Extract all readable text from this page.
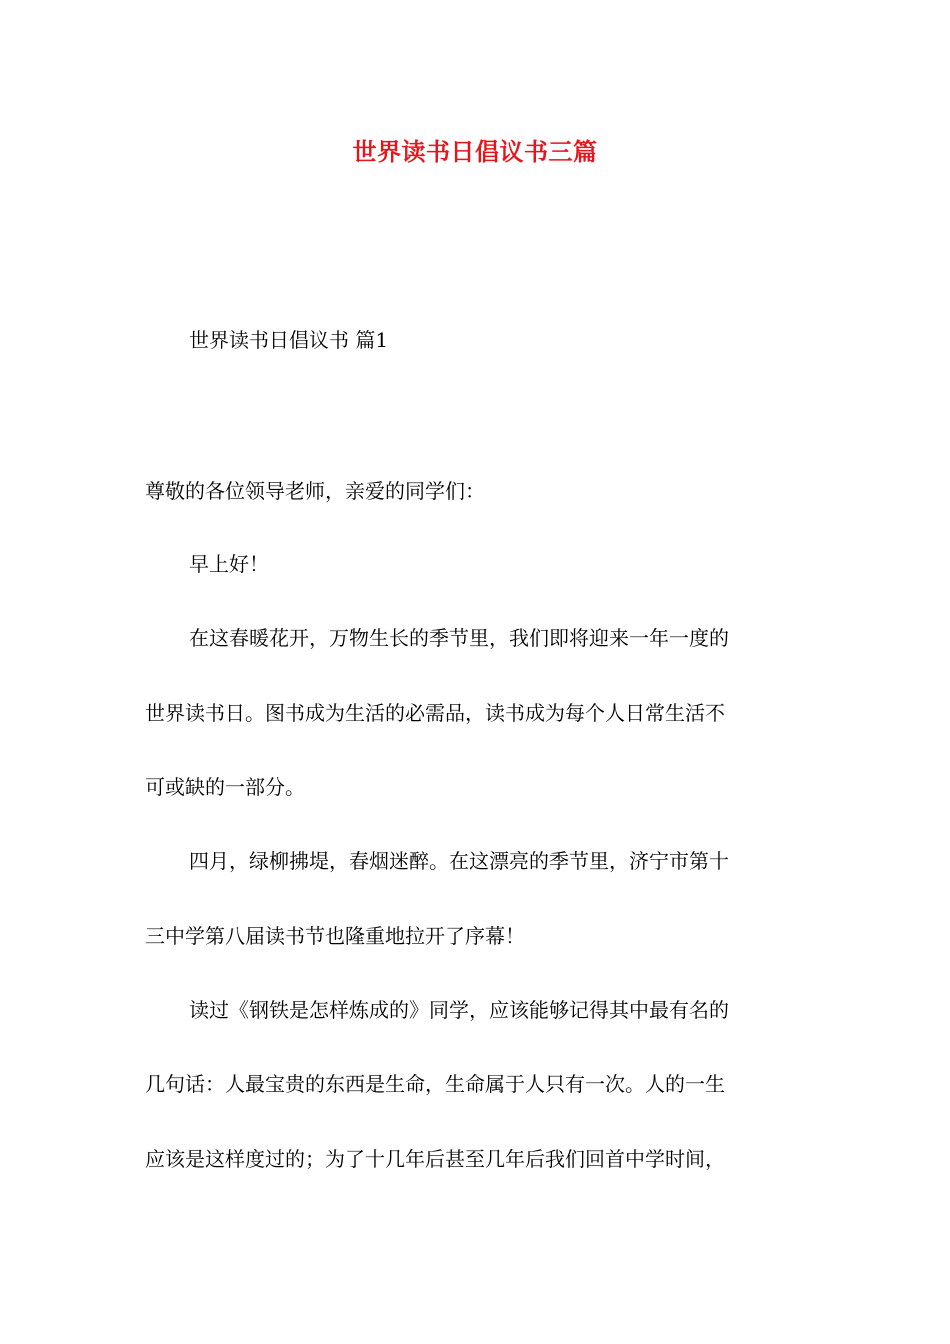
世界读书日倡议书三篇
世界读书日倡议书 篇1
尊敬的各位领导老师，亲爱的同学们：
早上好！
在这春暖花开，万物生长的季节里，我们即将迎来一年一度的
世界读书日。图书成为生活的必需品，读书成为每个人日常生活不
可或缺的一部分。
四月，绿柳拂堤，春烟迷醉。在这漂亮的季节里，济宁市第十
三中学第八届读书节也隆重地拉开了序幕！
读过《钢铁是怎样炼成的》同学，应该能够记得其中最有名的
几句话：人最宝贵的东西是生命，生命属于人只有一次。人的一生
应该是这样度过的；为了十几年后甚至几年后我们回首中学时间，
